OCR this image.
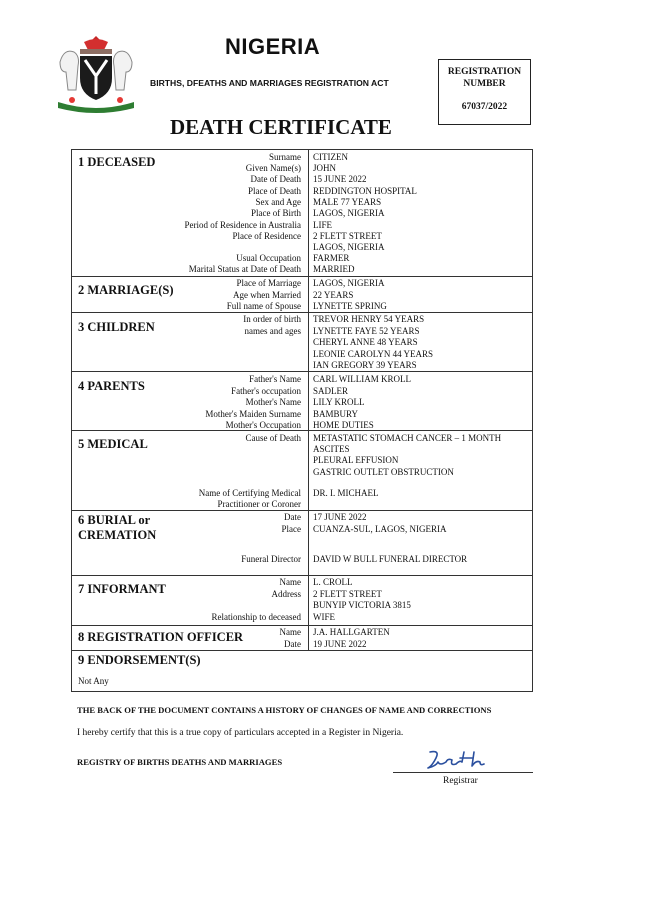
NIGERIA
BIRTHS, DFEATHS AND MARRIAGES REGISTRATION ACT
DEATH CERTIFICATE
REGISTRATION
NUMBER
67037/2022
1 DECEASED	Surname CITIZEN
Given Name(s) JOHN
Date of Death 15 JUNE 2022
Place of Death REDDINGTON HOSPITAL
Sex and Age MALE 77 YEARS
Place of Birth LAGOS, NIGERIA
Period of Residence in Australia LIFE
Place of Residence 2 FLETT STREET
LAGOS, NIGERIA
Usual Occupation FARMER
Marital Status at Date of Death MARRIED
2 MARRIAGE(S)	Place of Marriage LAGOS, NIGERIA
Age when Married 22 YEARS
Full name of Spouse LYNETTE SPRING
3 CHILDREN
In order of birth TREVOR HENRY 54 YEARS
names and ages LYNETTE FAYE 52 YEARS
CHERYL ANNE 48 YEARS
LEONIE CAROLYN 44 YEARS
IAN GREGORY 39 YEARS
4 PARENTS	Father's Name CARL WILLIAM KROLL
Father's occupation SADLER
Mother's Name LILY KROLL
Mother's Maiden Surname BAMBURY
Mother's Occupation HOME DUTIES
5 MEDICAL	Cause of Death METASTATIC STOMACH CANCER – 1 MONTH
ASCITES
PLEURAL EFFUSION
GASTRIC OUTLET OBSTRUCTION
Name of Certifying Medical DR. I. MICHAEL
Practitioner or Coroner
6 BURIAL or
CREMATION
Date 17 JUNE 2022
Place CUANZA-SUL, LAGOS, NIGERIA
Funeral Director DAVID W BULL FUNERAL DIRECTOR
7 INFORMANT	Name L. CROLL
Address 2 FLETT STREET
BUNYIP VICTORIA 3815
Relationship to deceased WIFE
8 REGISTRATION OFFICER	Name J.A. HALLGARTEN
Date 19 JUNE 2022
9 ENDORSEMENT(S)
Not Any
THE BACK OF THE DOCUMENT CONTAINS A HISTORY OF CHANGES OF NAME AND CORRECTIONS
I hereby certify that this is a true copy of particulars accepted in a Register in Nigeria.
REGISTRY OF BIRTHS DEATHS AND MARRIAGES
Registrar
